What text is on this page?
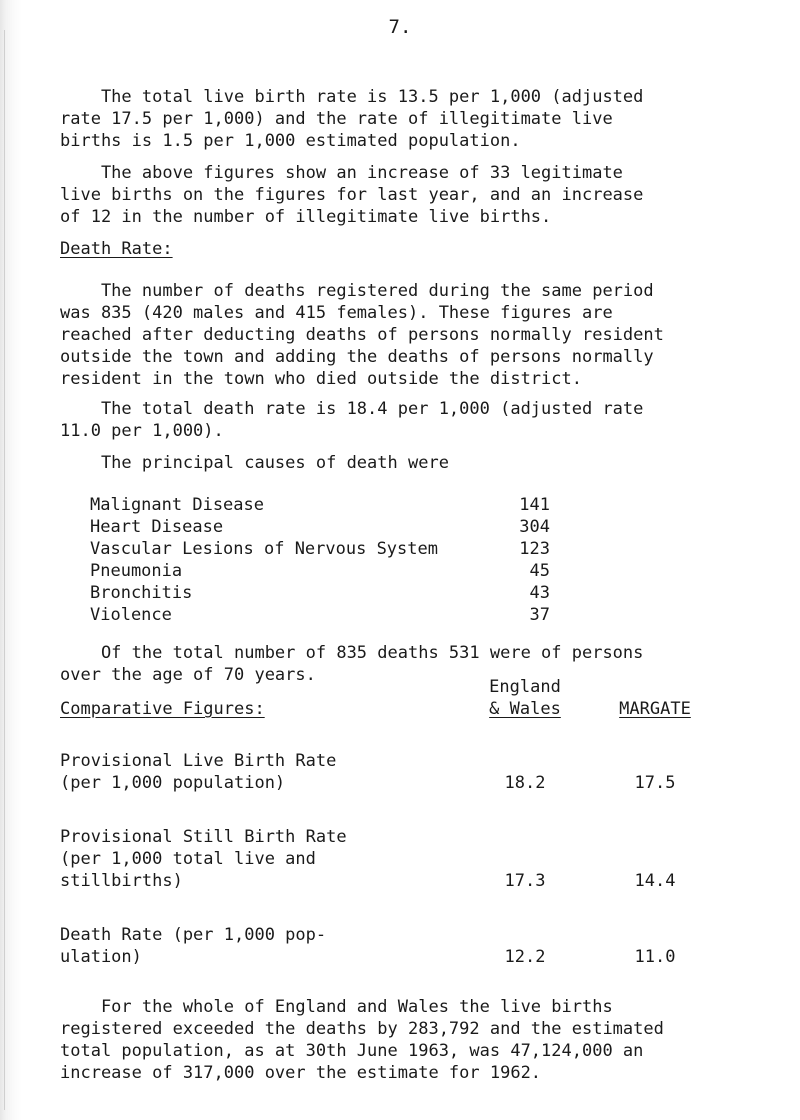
7.
The total live birth rate is 13.5 per 1,000 (adjusted
rate 17.5 per 1,000) and the rate of illegitimate live
births is 1.5 per 1,000 estimated population.
The above figures show an increase of 33 legitimate
live births on the figures for last year, and an increase
of 12 in the number of illegitimate live births.
Death Rate:
The number of deaths registered during the same period
was 835 (420 males and 415 females). These figures are
reached after deducting deaths of persons normally resident
outside the town and adding the deaths of persons normally
resident in the town who died outside the district.
The total death rate is 18.4 per 1,000 (adjusted rate
11.0 per 1,000).
The principal causes of death were
Malignant Disease	141
Heart Disease	304
Vascular Lesions of Nervous System	123
Pneumonia	45
Bronchitis	43
Violence	37
Of the total number of 835 deaths 531 were of persons
over the age of 70 years.
Comparative Figures:
England
& Wales	MARGATE
Provisional Live Birth Rate
(per 1,000 population)	18.2	17.5
Provisional Still Birth Rate
(per 1,000 total live and
stillbirths)	17.3	14.4
Death Rate (per 1,000 pop-
ulation)	12.2	11.0
For the whole of England and Wales the live births
registered exceeded the deaths by 283,792 and the estimated
total population, as at 30th June 1963, was 47,124,000 an
increase of 317,000 over the estimate for 1962.
